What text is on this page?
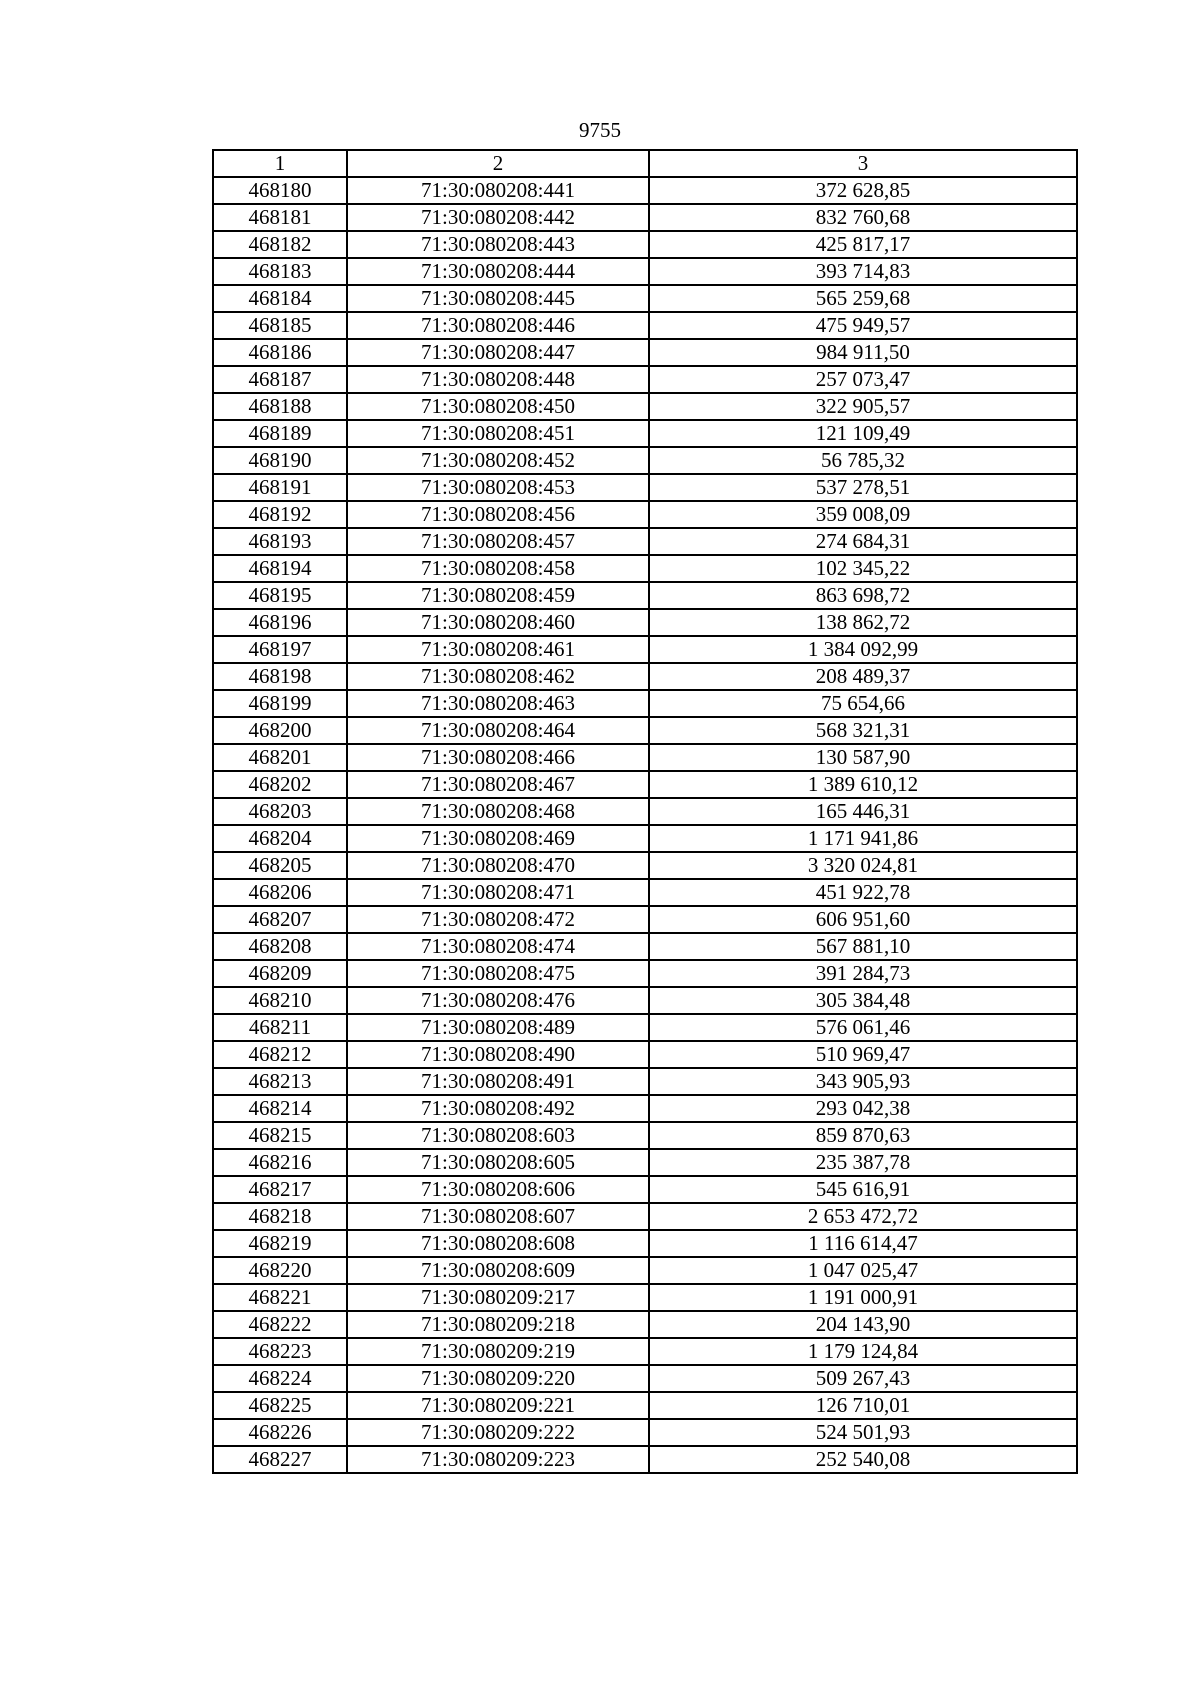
9755
1	2	3
468180	71:30:080208:441	372 628,85
468181	71:30:080208:442	832 760,68
468182	71:30:080208:443	425 817,17
468183	71:30:080208:444	393 714,83
468184	71:30:080208:445	565 259,68
468185	71:30:080208:446	475 949,57
468186	71:30:080208:447	984 911,50
468187	71:30:080208:448	257 073,47
468188	71:30:080208:450	322 905,57
468189	71:30:080208:451	121 109,49
468190	71:30:080208:452	56 785,32
468191	71:30:080208:453	537 278,51
468192	71:30:080208:456	359 008,09
468193	71:30:080208:457	274 684,31
468194	71:30:080208:458	102 345,22
468195	71:30:080208:459	863 698,72
468196	71:30:080208:460	138 862,72
468197	71:30:080208:461	1 384 092,99
468198	71:30:080208:462	208 489,37
468199	71:30:080208:463	75 654,66
468200	71:30:080208:464	568 321,31
468201	71:30:080208:466	130 587,90
468202	71:30:080208:467	1 389 610,12
468203	71:30:080208:468	165 446,31
468204	71:30:080208:469	1 171 941,86
468205	71:30:080208:470	3 320 024,81
468206	71:30:080208:471	451 922,78
468207	71:30:080208:472	606 951,60
468208	71:30:080208:474	567 881,10
468209	71:30:080208:475	391 284,73
468210	71:30:080208:476	305 384,48
468211	71:30:080208:489	576 061,46
468212	71:30:080208:490	510 969,47
468213	71:30:080208:491	343 905,93
468214	71:30:080208:492	293 042,38
468215	71:30:080208:603	859 870,63
468216	71:30:080208:605	235 387,78
468217	71:30:080208:606	545 616,91
468218	71:30:080208:607	2 653 472,72
468219	71:30:080208:608	1 116 614,47
468220	71:30:080208:609	1 047 025,47
468221	71:30:080209:217	1 191 000,91
468222	71:30:080209:218	204 143,90
468223	71:30:080209:219	1 179 124,84
468224	71:30:080209:220	509 267,43
468225	71:30:080209:221	126 710,01
468226	71:30:080209:222	524 501,93
468227	71:30:080209:223	252 540,08
